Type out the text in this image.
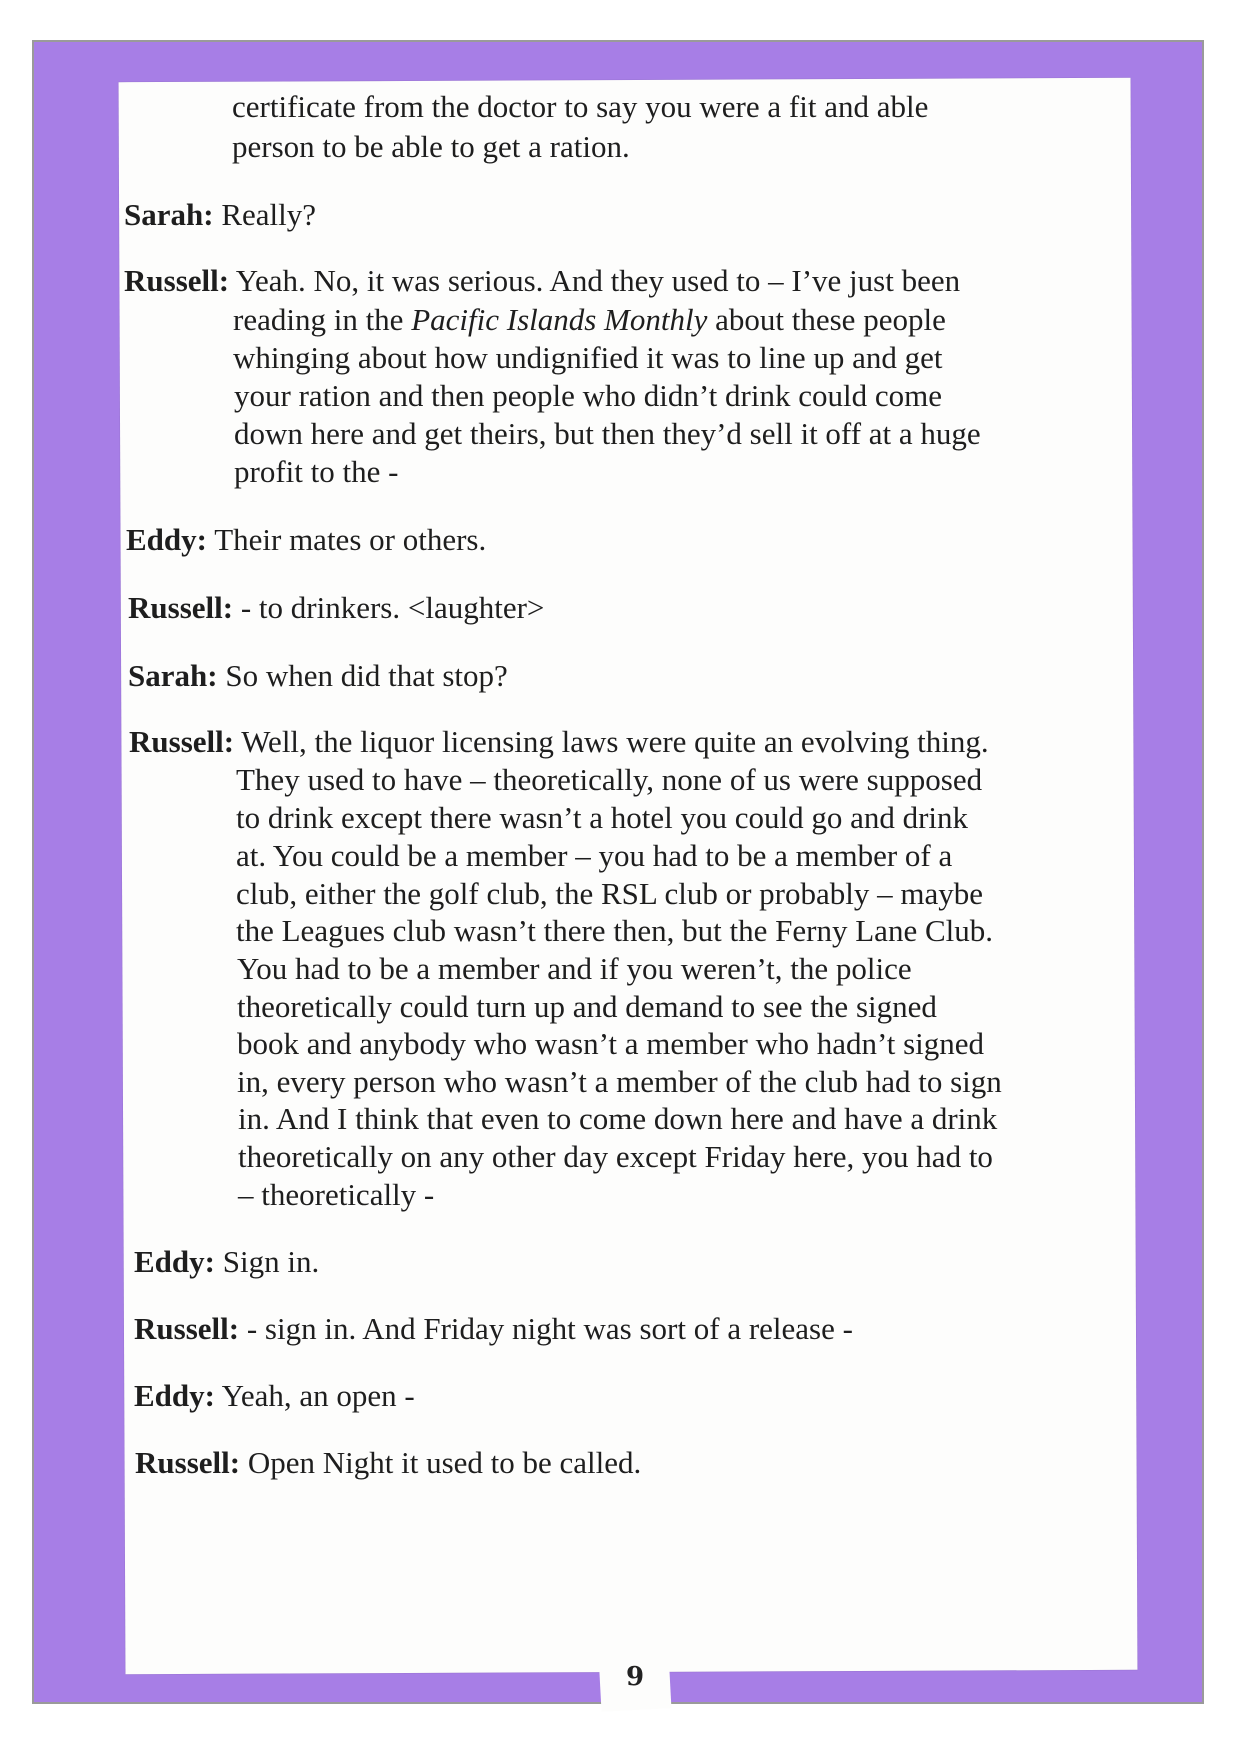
certificate from the doctor to say you were a fit and able
person to be able to get a ration.
Sarah: Really?
Russell: Yeah. No, it was serious. And they used to – I’ve just been
reading in the Pacific Islands Monthly about these people
whinging about how undignified it was to line up and get
your ration and then people who didn’t drink could come
down here and get theirs, but then they’d sell it off at a huge
profit to the -
Eddy: Their mates or others.
Russell: - to drinkers. <laughter>
Sarah: So when did that stop?
Russell: Well, the liquor licensing laws were quite an evolving thing.
They used to have – theoretically, none of us were supposed
to drink except there wasn’t a hotel you could go and drink
at. You could be a member – you had to be a member of a
club, either the golf club, the RSL club or probably – maybe
the Leagues club wasn’t there then, but the Ferny Lane Club.
You had to be a member and if you weren’t, the police
theoretically could turn up and demand to see the signed
book and anybody who wasn’t a member who hadn’t signed
in, every person who wasn’t a member of the club had to sign
in. And I think that even to come down here and have a drink
theoretically on any other day except Friday here, you had to
– theoretically -
Eddy: Sign in.
Russell: - sign in. And Friday night was sort of a release -
Eddy: Yeah, an open -
Russell: Open Night it used to be called.
9
